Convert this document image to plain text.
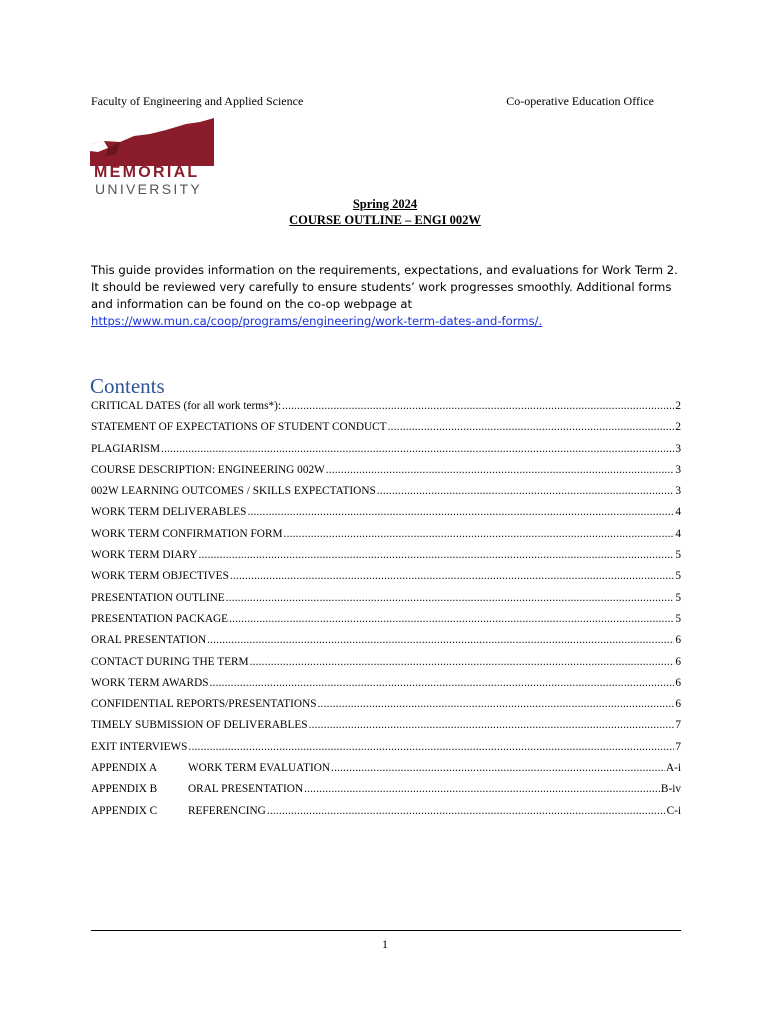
Faculty of Engineering and Applied Science	Co-operative Education Office
MEMORIAL
UNIVERSITY
Spring 2024
COURSE OUTLINE – ENGI 002W
This guide provides information on the requirements, expectations, and evaluations for Work Term 2. It should be reviewed very carefully to ensure students’ work progresses smoothly. Additional forms and information can be found on the co-op webpage at https://www.mun.ca/coop/programs/engineering/work-term-dates-and-forms/.
Contents
CRITICAL DATES (for all work terms*): .....	2
STATEMENT OF EXPECTATIONS OF STUDENT CONDUCT .....	2
PLAGIARISM .....	3
COURSE DESCRIPTION: ENGINEERING 002W .....	3
002W LEARNING OUTCOMES / SKILLS EXPECTATIONS .....	3
WORK TERM DELIVERABLES .....	4
WORK TERM CONFIRMATION FORM .....	4
WORK TERM DIARY .....	5
WORK TERM OBJECTIVES .....	5
PRESENTATION OUTLINE .....	5
PRESENTATION PACKAGE .....	5
ORAL PRESENTATION .....	6
CONTACT DURING THE TERM .....	6
WORK TERM AWARDS .....	6
CONFIDENTIAL REPORTS/PRESENTATIONS .....	6
TIMELY SUBMISSION OF DELIVERABLES .....	7
EXIT INTERVIEWS .....	7
APPENDIX A	WORK TERM EVALUATION .....	A-i
APPENDIX B	ORAL PRESENTATION .....	B-iv
APPENDIX C	REFERENCING .....	C-i
1
